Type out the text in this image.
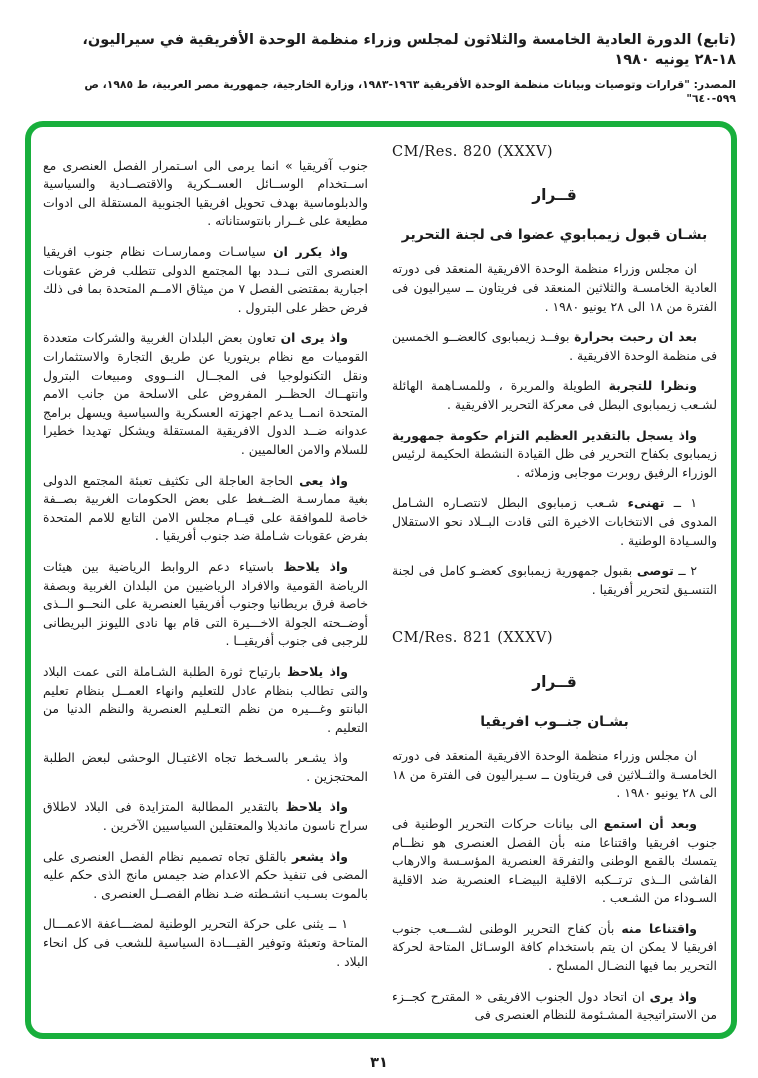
(تابع) الدورة العادية الخامسة والثلاثون لمجلس وزراء منظمة الوحدة الأفريقية في سيراليون، ١٨-٢٨ يونيه ١٩٨٠
المصدر: "قرارات وتوصيات وبيانات منظمة الوحدة الأفريقية ١٩٦٣-١٩٨٣، وزارة الخارجية، جمهورية مصر العربية، ط ١٩٨٥، ص ٥٩٩-٦٤٠"
CM/Res. 820 (XXXV)
قــرار
بشـان قبول زيمبابوي عضوا فى لجنة التحرير

ان مجلس وزراء منظمة الوحدة الافريقية المنعقد فى دورته العادية الخامسـة والثلاثين المنعقد فى فريتاون ــ سيراليون فى الفترة من ١٨ الى ٢٨ يونيو ١٩٨٠ .

بعد ان رحبت بحرارة بوفــد زيمبابوى كالعضــو الخمسين فى منظمة الوحدة الافريقية .

ونظرا للتجربة الطويلة والمريرة ، وللمسـاهمة الهائلة لشـعب زيمبابوى البطل فى معركة التحرير الافريقية .

واذ يسجل بالتقدير العظيم التزام حكومة جمهورية زيمبابوى بكفاح التحرير فى ظل القيادة النشطة الحكيمة لرئيس الوزراء الرفيق روبرت موجابى وزملائه .

١ ــ تهنىء شـعب زمبابوى البطل لانتصـاره الشـامل المدوى فى الانتخابات الاخيرة التى قادت البــلاد نحو الاستقلال والسـيادة الوطنية .

٢ ــ توصى بقبول جمهورية زيمبابوى كعضـو كامل فى لجنة التنسـيق لتحرير أفريقيا .

CM/Res. 821 (XXXV)
قــرار
بشـان جنــوب افريقيا

ان مجلس وزراء منظمة الوحدة الافريقية المنعقد فى دورته الخامسـة والثــلاثين فى فريتاون ــ سـيراليون فى الفترة من ١٨ الى ٢٨ يونيو ١٩٨٠ .

وبعد أن استمع الى بيانات حركات التحرير الوطنية فى جنوب افريقيا واقتناعا منه بأن الفصل العنصرى هو نظــام يتمسك بالقمع الوطنى والتفرقة العنصرية المؤسـسة والارهاب الفاشى الــذى ترتــكبه الاقلية البيضـاء العنصرية ضد الاقلية السـوداء من الشـعب .

واقتناعا منه بأن كفاح التحرير الوطنى لشـــعب جنوب افريقيا لا يمكن ان يتم باستخدام كافة الوسـائل المتاحة لحركة التحرير بما فيها النضـال المسلح .

واذ يرى ان اتحاد دول الجنوب الافريقى « المقترح كجــزء من الاستراتيجية المشـئومة للنظام العنصرى فى

جنوب آفريقيا » انما يرمى الى اسـتمرار الفصل العنصرى مع اســتخدام الوســائل العســكرية والاقتصــادية والسياسية والدبلوماسية بهدف تحويل افريقيا الجنوبية المستقلة الى ادوات مطيعة على غــرار بانتوستاناته .

واذ يكرر ان سياسـات وممارسـات نظام جنوب افريقيا العنصرى التى نــدد بها المجتمع الدولى تتطلب فرض عقوبات اجبارية بمقتضى الفصل ٧ من ميثاق الامــم المتحدة بما فى ذلك فرض حظر على البترول .

واذ يرى ان تعاون بعض البلدان الغربية والشركات متعددة القوميات مع نظام بريتوريا عن طريق التجارة والاستثمارات ونقل التكنولوجيا فى المجــال النــووى ومبيعات البترول وانتهــاك الحظــر المفروض على الاسلحة من جانب الامم المتحدة انمــا يدعم اجهزته العسكرية والسياسية ويسهل برامج عدوانه ضــد الدول الافريقية المستقلة ويشكل تهديدا خطيرا للسلام والامن العالميين .

واذ يعى الحاجة العاجلة الى تكثيف تعبئة المجتمع الدولى بغية ممارسـة الضــغط على بعض الحكومات الغربية بصــفة خاصة للموافقة على قيــام مجلس الامن التابع للامم المتحدة بفرض عقوبات شـاملة ضد جنوب أفريقيا .

واذ يلاحظ باستياء دعم الروابط الرياضية بين هيئات الرياضة القومية والافراد الرياضيين من البلدان الغربية وبصفة خاصة فرق بريطانيا وجنوب أفريقيا العنصرية على النحــو الــذى أوضــحته الجولة الاخـــيرة التى قام بها نادى الليونز البريطانى للرجبى فى جنوب أفريقيــا .

واذ يلاحظ بارتياح ثورة الطلبة الشـاملة التى عمت البلاد والتى تطالب بنظام عادل للتعليم وانهاء العمــل بنظام تعليم البانتو وغـــيره من نظم التعـليم العنصرية والنظم الدنيا من التعليم .

واذ يشـعر بالسـخط تجاه الاغتيـال الوحشى لبعض الطلبة المحتجزين .

واذ يلاحظ بالتقدير المطالبة المتزايدة فى البلاد لاطلاق سراح ناسون مانديلا والمعتقلين السياسيين الآخرين .

واذ يشعر بالقلق تجاه تصميم نظام الفصل العنصرى على المضى فى تنفيذ حكم الاعدام ضد جيمس مانج الذى حكم عليه بالموت بسـبب انشـطته ضـد نظام الفصــل العنصرى .

١ ــ يثنى على حركة التحرير الوطنية لمضـــاعفة الاعمـــال المتاحة وتعبئة وتوفير القيـــادة السياسية للشعب فى كل انحاء البلاد .

٣١
